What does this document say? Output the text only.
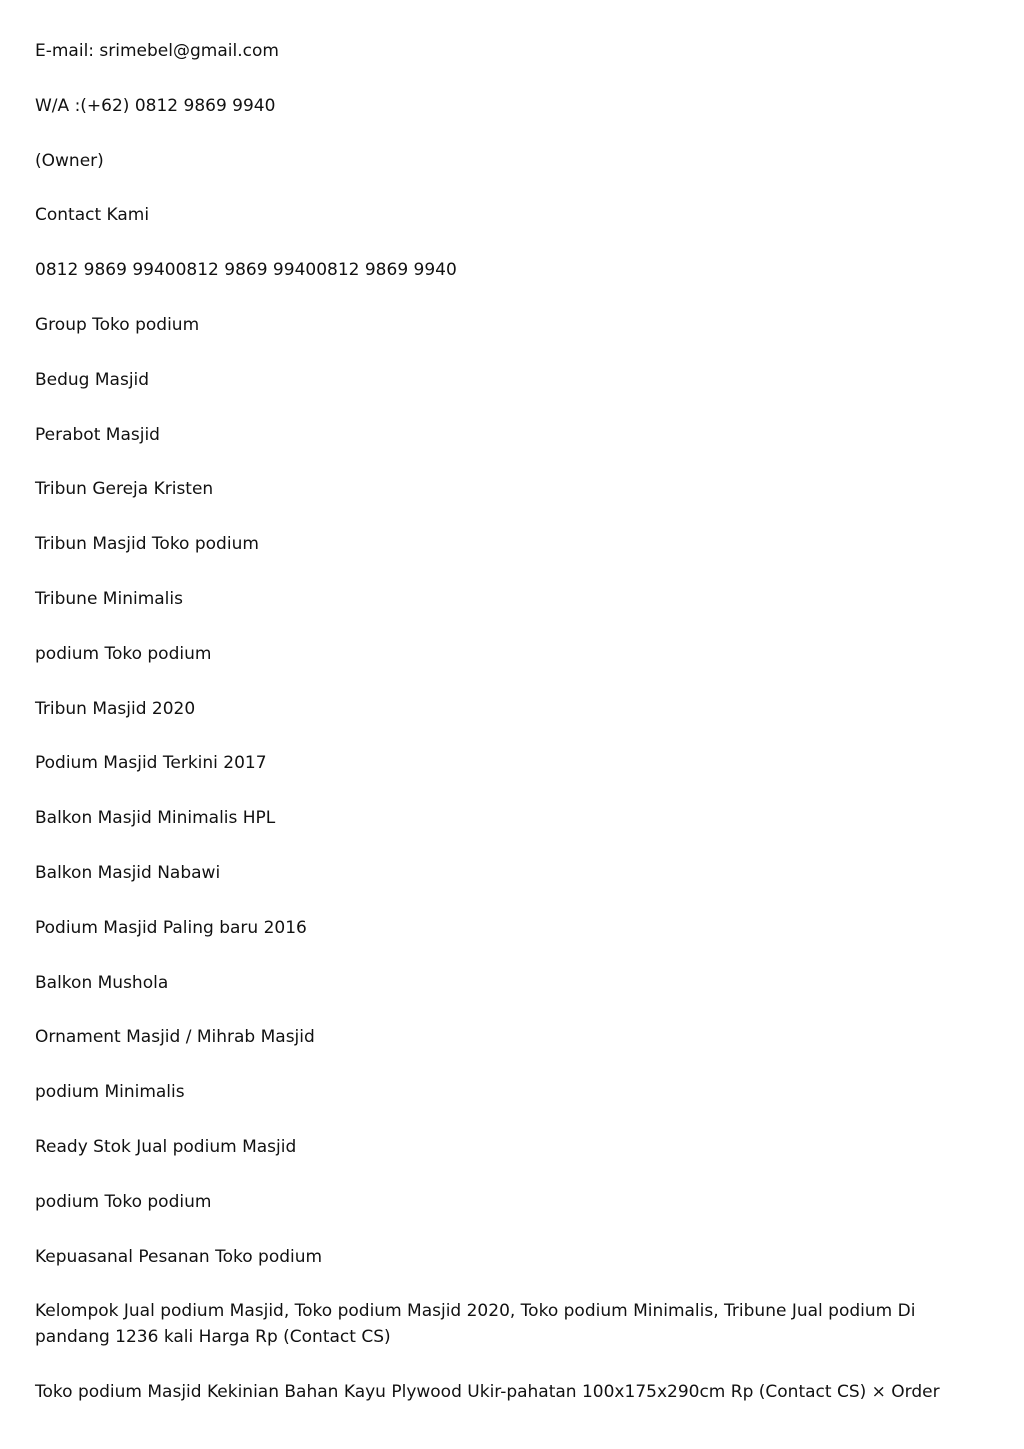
E-mail: srimebel@gmail.com

W/A :(+62) 0812 9869 9940

(Owner)

Contact Kami

0812 9869 99400812 9869 99400812 9869 9940

Group Toko podium

Bedug Masjid

Perabot Masjid

Tribun Gereja Kristen

Tribun Masjid Toko podium

Tribune Minimalis

podium Toko podium

Tribun Masjid 2020

Podium Masjid Terkini 2017

Balkon Masjid Minimalis HPL

Balkon Masjid Nabawi

Podium Masjid Paling baru 2016

Balkon Mushola

Ornament Masjid / Mihrab Masjid

podium Minimalis

Ready Stok Jual podium Masjid

podium Toko podium

Kepuasanal Pesanan Toko podium

Kelompok Jual podium Masjid, Toko podium Masjid 2020, Toko podium Minimalis, Tribune Jual podium Di pandang 1236 kali Harga Rp (Contact CS)

Toko podium Masjid Kekinian Bahan Kayu Plywood Ukir-pahatan 100x175x290cm Rp (Contact CS) × Order
